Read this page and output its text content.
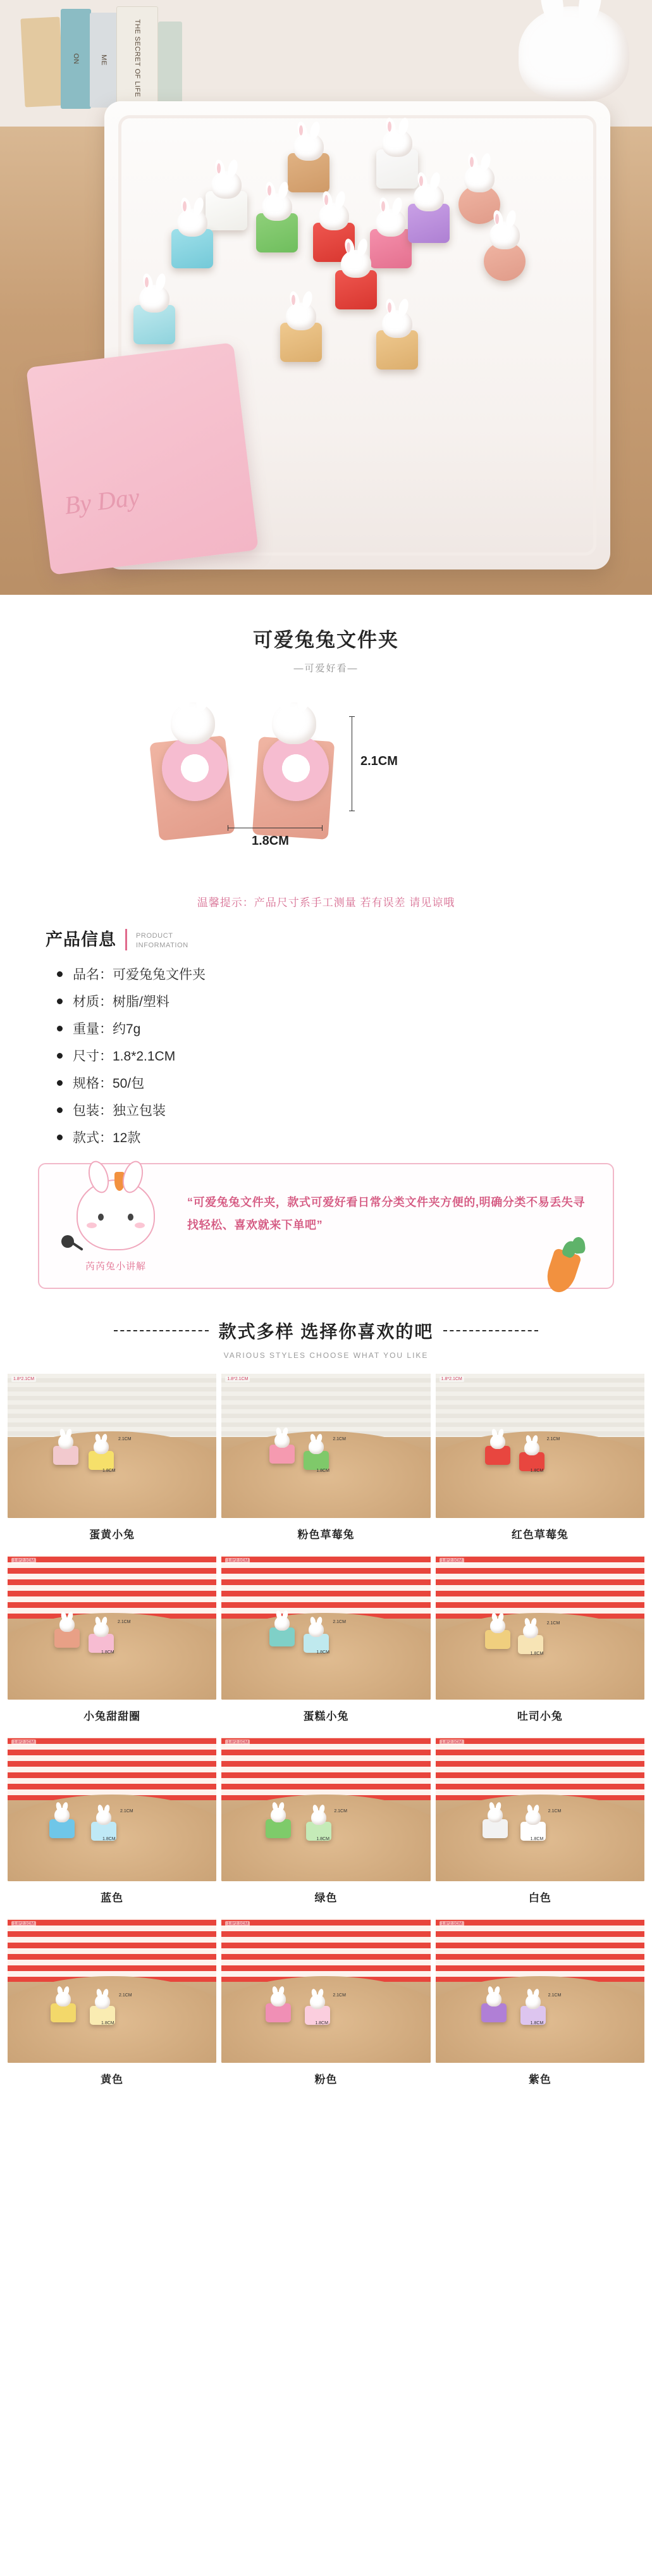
ON	ME	THE SECRET OF LIFE
By Day
可爱兔兔文件夹
—可爱好看—
2.1CM
1.8CM
温馨提示：产品尺寸系手工测量 若有误差 请见谅哦
产品信息	PRODUCT
INFORMATION
品名：可爱兔兔文件夹
材质：树脂/塑料
重量：约7g
尺寸：1.8*2.1CM
规格：50/包
包装：独立包装
款式：12款
芮芮兔小讲解
“可爱兔兔文件夹，款式可爱好看日常分类文件夹方便的,明确分类不易丢失寻找轻松、喜欢就来下单吧”
款式多样 选择你喜欢的吧
VARIOUS STYLES CHOOSE WHAT YOU LIKE
1.8*2.1CM
2.1CM
1.8CM
蛋黄小兔
1.8*2.1CM
2.1CM
1.8CM
粉色草莓兔
1.8*2.1CM
2.1CM
1.8CM
红色草莓兔
1.8*2.1CM
2.1CM
1.8CM
小兔甜甜圈
1.8*2.1CM
2.1CM
1.8CM
蛋糕小兔
1.8*2.1CM
2.1CM
1.8CM
吐司小兔
1.8*2.1CM
2.1CM
1.8CM
蓝色
1.8*2.1CM
2.1CM
1.8CM
绿色
1.8*2.1CM
2.1CM
1.8CM
白色
1.8*2.1CM
2.1CM
1.8CM
黄色
1.8*2.1CM
2.1CM
1.8CM
粉色
1.8*2.1CM
2.1CM
1.8CM
紫色
